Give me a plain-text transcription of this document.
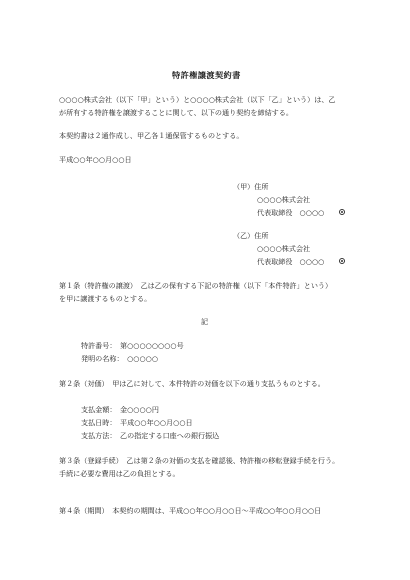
特許権譲渡契約書
○○○○株式会社（以下「甲」という）と○○○○株式会社（以下「乙」という）は、乙
が所有する特許権を譲渡することに関して、以下の通り契約を締結する。
本契約書は２通作成し、甲乙各１通保管するものとする。
平成○○年○○月○○日
（甲）住所
○○○○株式会社
代表取締役　○○○○
（乙）住所
○○○○株式会社
代表取締役　○○○○
第１条（特許権の譲渡）　乙は乙の保有する下記の特許権（以下「本件特許」という）
を甲に譲渡するものとする。
記
特許番号：　第○○○○○○○○号
発明の名称：　○○○○○
第２条（対価）　甲は乙に対して、本件特許の対価を以下の通り支払うものとする。
支払金額：　金○○○○円
支払日時：　平成○○年○○月○○日
支払方法：　乙の指定する口座への銀行振込
第３条（登録手続）　乙は第２条の対価の支払を確認後、特許権の移転登録手続を行う。
手続に必要な費用は乙の負担とする。
第４条（期間）　本契約の期間は、平成○○年○○月○○日〜平成○○年○○月○○日
